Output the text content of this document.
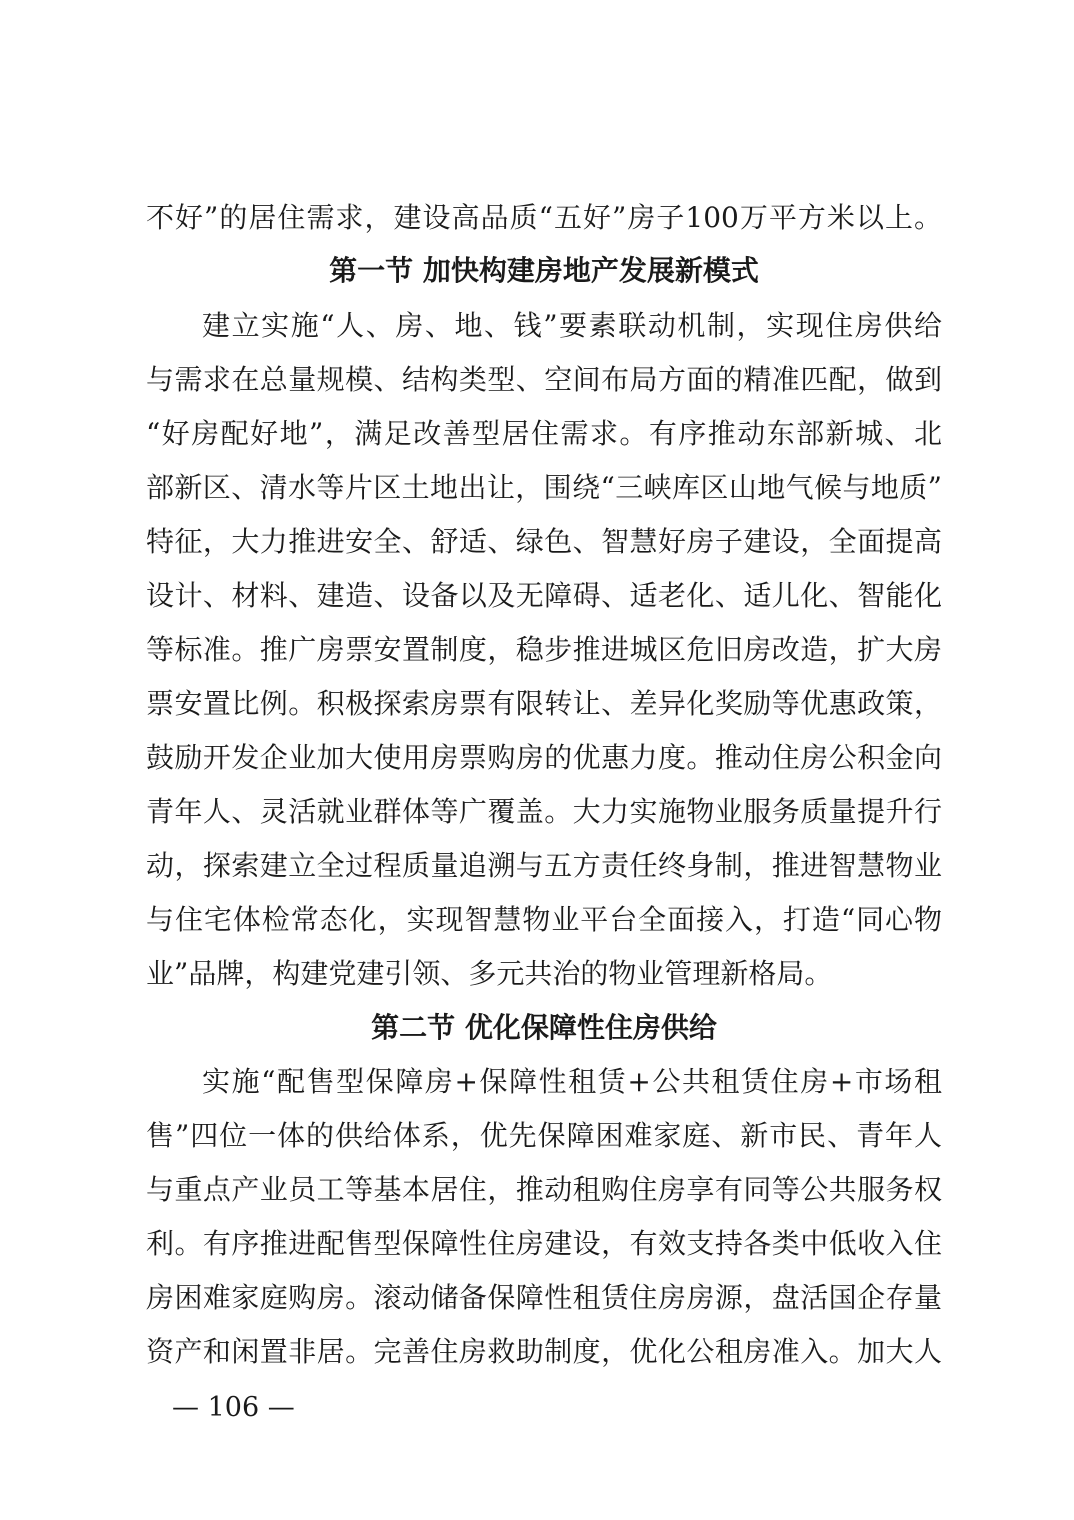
不好”的居住需求，建设高品质“五好”房子100万平方米以上。
第一节 加快构建房地产发展新模式
建立实施“人、房、地、钱”要素联动机制，实现住房供给
与需求在总量规模、结构类型、空间布局方面的精准匹配，做到
“好房配好地”，满足改善型居住需求。有序推动东部新城、北
部新区、清水等片区土地出让，围绕“三峡库区山地气候与地质”
特征，大力推进安全、舒适、绿色、智慧好房子建设，全面提高
设计、材料、建造、设备以及无障碍、适老化、适儿化、智能化
等标准。推广房票安置制度，稳步推进城区危旧房改造，扩大房
票安置比例。积极探索房票有限转让、差异化奖励等优惠政策，
鼓励开发企业加大使用房票购房的优惠力度。推动住房公积金向
青年人、灵活就业群体等广覆盖。大力实施物业服务质量提升行
动，探索建立全过程质量追溯与五方责任终身制，推进智慧物业
与住宅体检常态化，实现智慧物业平台全面接入，打造“同心物
业”品牌，构建党建引领、多元共治的物业管理新格局。
第二节 优化保障性住房供给
实施“配售型保障房+保障性租赁+公共租赁住房+市场租
售”四位一体的供给体系，优先保障困难家庭、新市民、青年人
与重点产业员工等基本居住，推动租购住房享有同等公共服务权
利。有序推进配售型保障性住房建设，有效支持各类中低收入住
房困难家庭购房。滚动储备保障性租赁住房房源，盘活国企存量
资产和闲置非居。完善住房救助制度，优化公租房准入。加大人
— 106 —
